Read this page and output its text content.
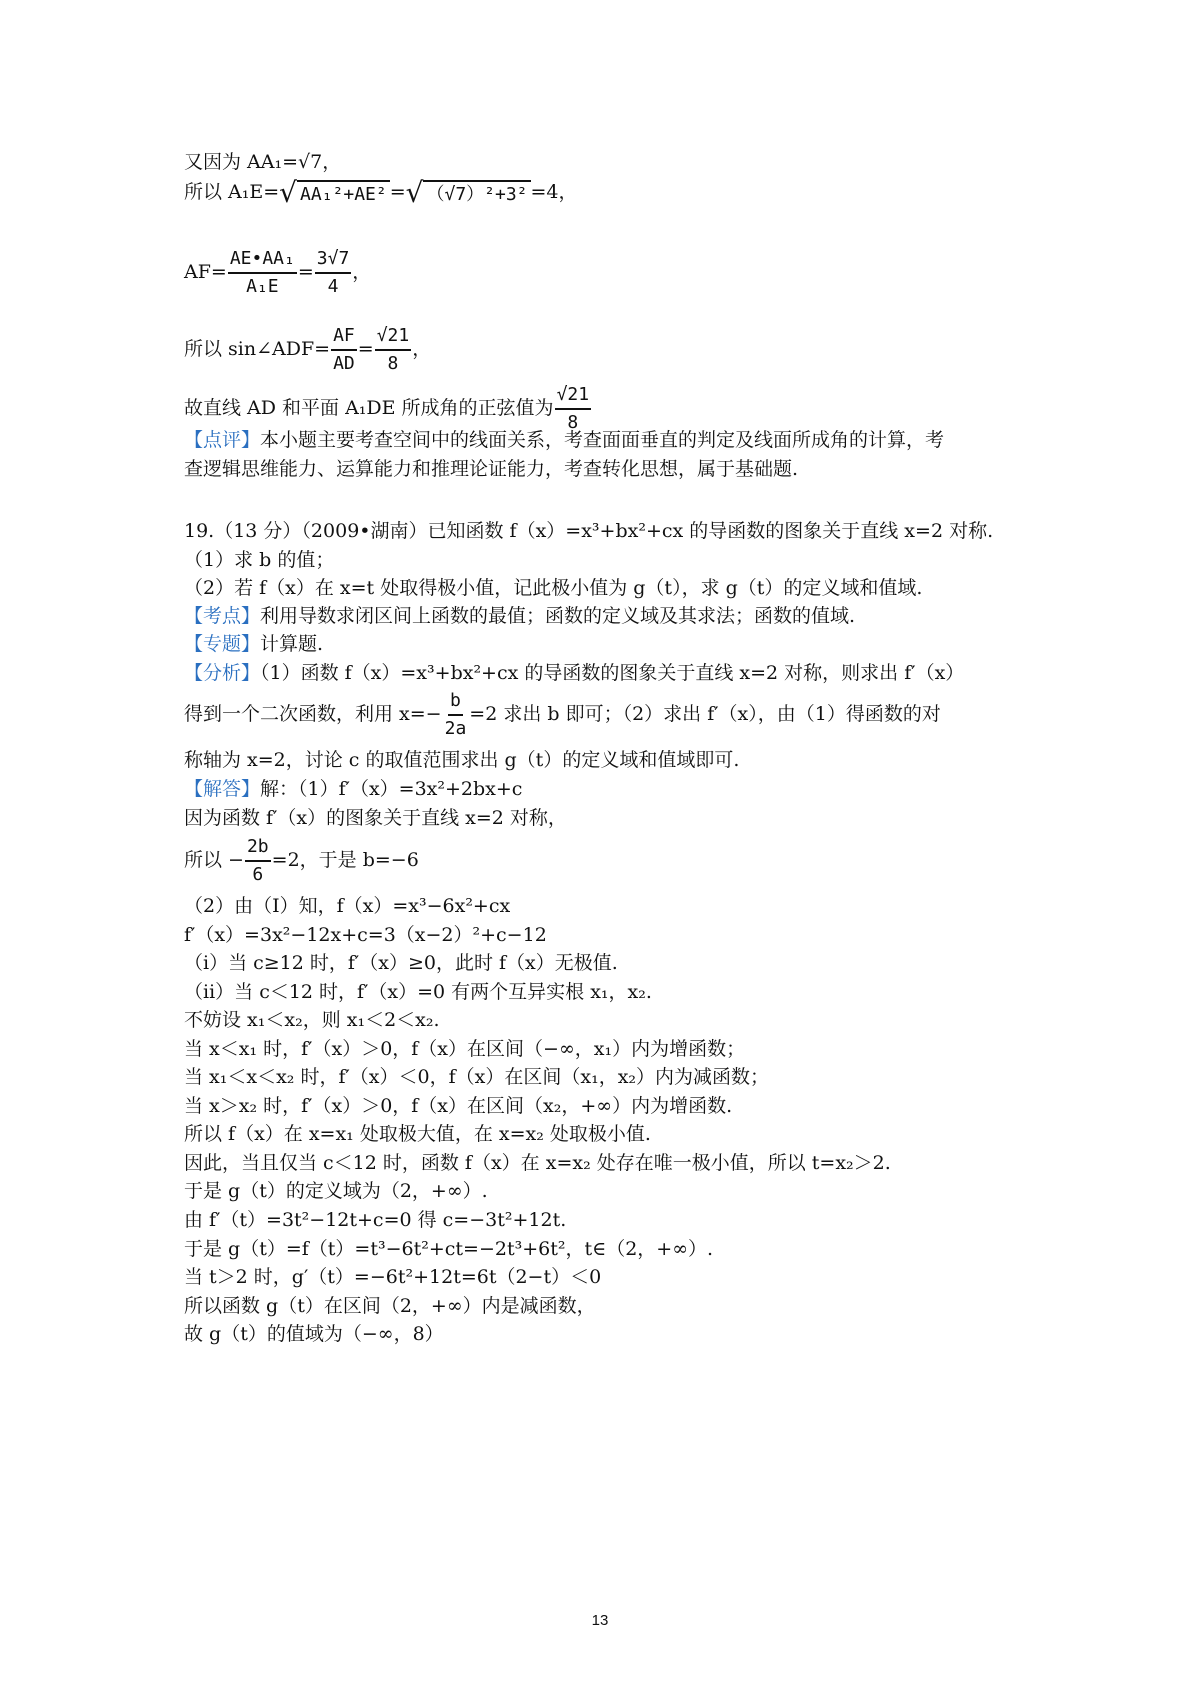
又因为 AA₁=√7，
所以 A₁E= √ AA₁²+AE² = √ （√7）²+3² =4，
$AF= \frac{\text{AE•AA₁}}{\text{A₁E}} = \frac{3√7}{4}$ ，
所以 sin∠ADF= $\frac{AF}{AD} = \frac{√21}{8}$ ，
故直线 AD 和平面 A₁DE 所成角的正弦值为 $\frac{√21}{8}$
【点评】本小题主要考查空间中的线面关系，考查面面垂直的判定及线面所成角的计算，考
查逻辑思维能力、运算能力和推理论证能力，考查转化思想，属于基础题.
19.（13 分）（2009•湖南）已知函数 f（x）=x³+bx²+cx 的导函数的图象关于直线 x=2 对称.
（1）求 b 的值；
（2）若 f（x）在 x=t 处取得极小值，记此极小值为 g（t），求 g（t）的定义域和值域.
【考点】利用导数求闭区间上函数的最值；函数的定义域及其求法；函数的值域.
【专题】计算题.
【分析】（1）函数 f（x）=x³+bx²+cx 的导函数的图象关于直线 x=2 对称，则求出 f′（x）
得到一个二次函数，利用 $x=- \frac{b}{2a} =2$ 求出 b 即可；（2）求出 f′（x），由（1）得函数的对
称轴为 x=2，讨论 c 的取值范围求出 g（t）的定义域和值域即可.
【解答】解：（1）f′（x）=3x²+2bx+c
因为函数 f′（x）的图象关于直线 x=2 对称，
所以 − $\frac{2b}{6} =2$，于是 b=−6
（2）由（Ⅰ）知，f（x）=x³−6x²+cx
f′（x）=3x²−12x+c=3（x−2）²+c−12
（ⅰ）当 c≥12 时，f′（x）≥0，此时 f（x）无极值.
（ⅱ）当 c＜12 时，f′（x）=0 有两个互异实根 x₁，x₂.
不妨设 x₁＜x₂，则 x₁＜2＜x₂.
当 x＜x₁ 时，f′（x）＞0，f（x）在区间（−∞，x₁）内为增函数；
当 x₁＜x＜x₂ 时，f′（x）＜0，f（x）在区间（x₁，x₂）内为减函数；
当 x＞x₂ 时，f′（x）＞0，f（x）在区间（x₂，+∞）内为增函数.
所以 f（x）在 x=x₁ 处取极大值，在 x=x₂ 处取极小值.
因此，当且仅当 c＜12 时，函数 f（x）在 x=x₂ 处存在唯一极小值，所以 t=x₂＞2.
于是 g（t）的定义域为（2，+∞）.
由 f′（t）=3t²−12t+c=0 得 c=−3t²+12t.
于是 g（t）=f（t）=t³−6t²+ct=−2t³+6t²，t∈（2，+∞）.
当 t＞2 时，g′（t）=−6t²+12t=6t（2−t）＜0
所以函数 g（t）在区间（2，+∞）内是减函数，
故 g（t）的值域为（−∞，8）
13
